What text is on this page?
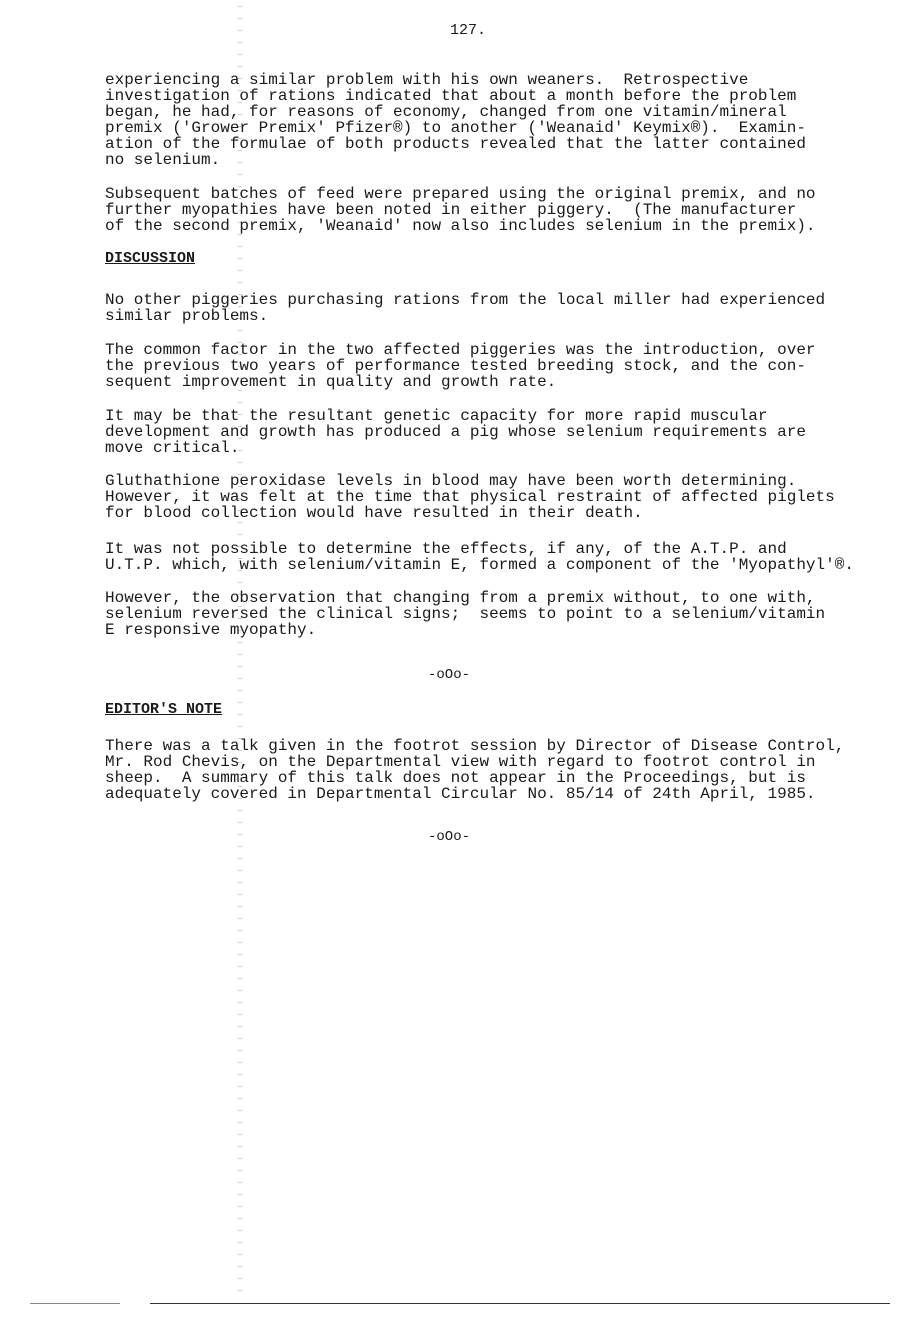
127.
experiencing a similar problem with his own weaners.  Retrospective
investigation of rations indicated that about a month before the problem
began, he had, for reasons of economy, changed from one vitamin/mineral
premix ('Grower Premix' Pfizer®) to another ('Weanaid' Keymix®).  Examin-
ation of the formulae of both products revealed that the latter contained
no selenium.
Subsequent batches of feed were prepared using the original premix, and no
further myopathies have been noted in either piggery.  (The manufacturer
of the second premix, 'Weanaid' now also includes selenium in the premix).
DISCUSSION
No other piggeries purchasing rations from the local miller had experienced
similar problems.
The common factor in the two affected piggeries was the introduction, over
the previous two years of performance tested breeding stock, and the con-
sequent improvement in quality and growth rate.
It may be that the resultant genetic capacity for more rapid muscular
development and growth has produced a pig whose selenium requirements are
move critical.
Gluthathione peroxidase levels in blood may have been worth determining.
However, it was felt at the time that physical restraint of affected piglets
for blood collection would have resulted in their death.
It was not possible to determine the effects, if any, of the A.T.P. and
U.T.P. which, with selenium/vitamin E, formed a component of the 'Myopathyl'®.
However, the observation that changing from a premix without, to one with,
selenium reversed the clinical signs;  seems to point to a selenium/vitamin
E responsive myopathy.
-oOo-
EDITOR'S NOTE
There was a talk given in the footrot session by Director of Disease Control,
Mr. Rod Chevis, on the Departmental view with regard to footrot control in
sheep.  A summary of this talk does not appear in the Proceedings, but is
adequately covered in Departmental Circular No. 85/14 of 24th April, 1985.
-oOo-
